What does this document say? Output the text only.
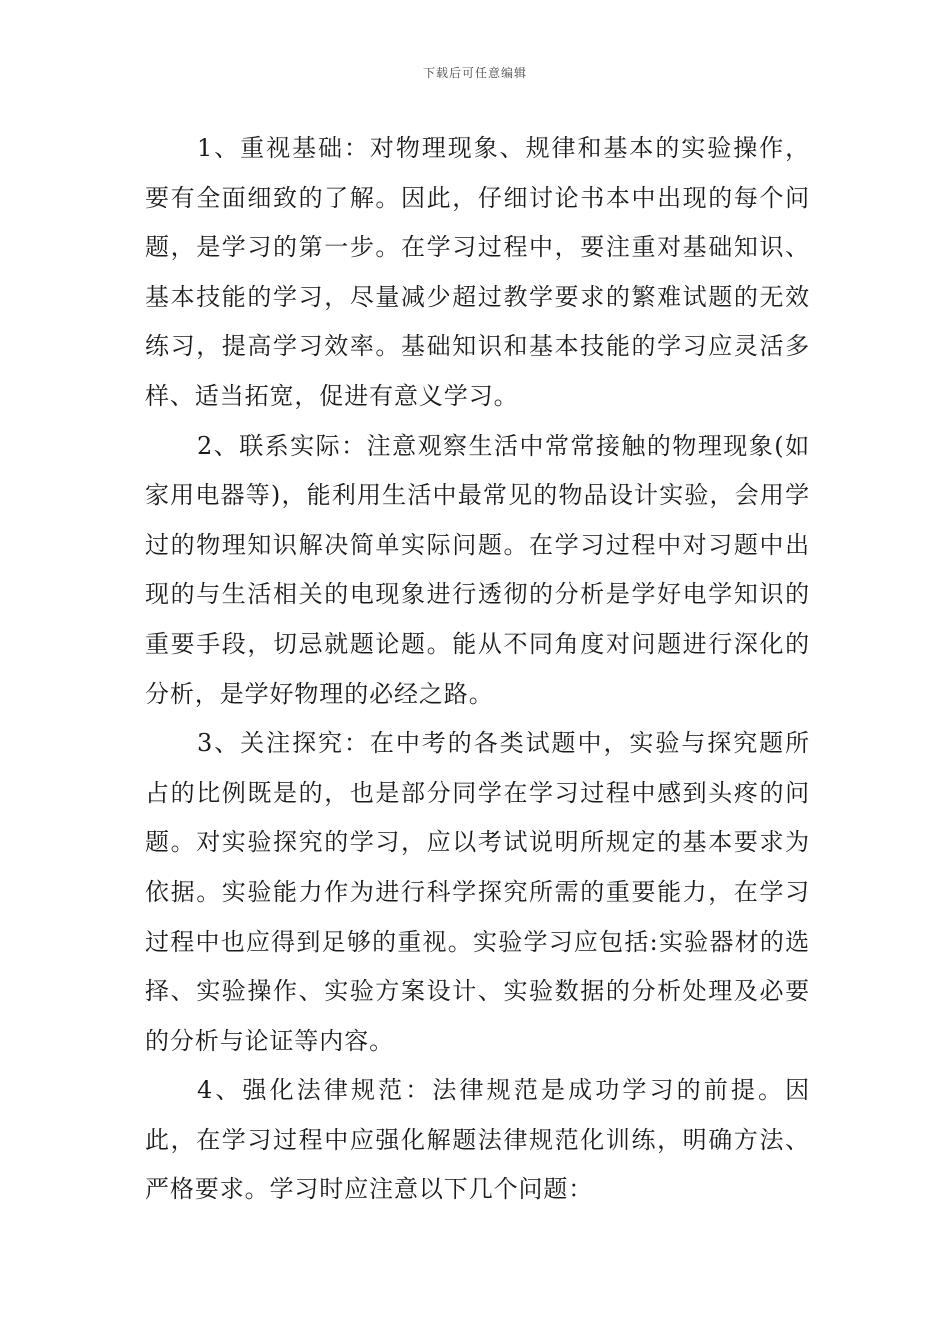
下载后可任意编辑

1、重视基础：对物理现象、规律和基本的实验操作，要有全面细致的了解。因此，仔细讨论书本中出现的每个问题，是学习的第一步。在学习过程中，要注重对基础知识、基本技能的学习，尽量减少超过教学要求的繁难试题的无效练习，提高学习效率。基础知识和基本技能的学习应灵活多样、适当拓宽，促进有意义学习。

2、联系实际：注意观察生活中常常接触的物理现象(如家用电器等)，能利用生活中最常见的物品设计实验，会用学过的物理知识解决简单实际问题。在学习过程中对习题中出现的与生活相关的电现象进行透彻的分析是学好电学知识的重要手段，切忌就题论题。能从不同角度对问题进行深化的分析，是学好物理的必经之路。

3、关注探究：在中考的各类试题中，实验与探究题所占的比例既是的，也是部分同学在学习过程中感到头疼的问题。对实验探究的学习，应以考试说明所规定的基本要求为依据。实验能力作为进行科学探究所需的重要能力，在学习过程中也应得到足够的重视。实验学习应包括:实验器材的选择、实验操作、实验方案设计、实验数据的分析处理及必要的分析与论证等内容。

4、强化法律规范：法律规范是成功学习的前提。因此，在学习过程中应强化解题法律规范化训练，明确方法、严格要求。学习时应注意以下几个问题：
